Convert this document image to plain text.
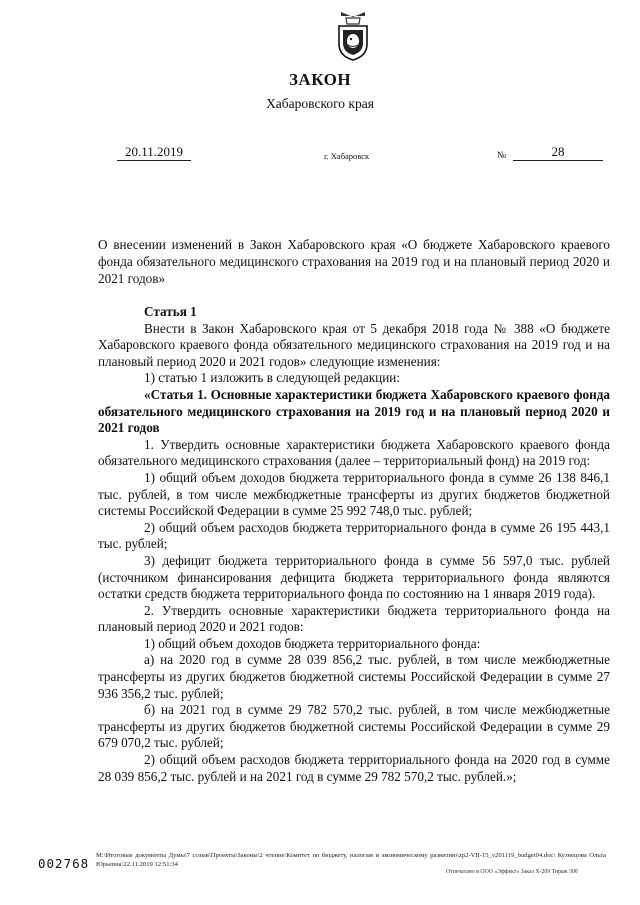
ЗАКОН
Хабаровского края
20.11.2019	г. Хабаровск	№	28
О внесении изменений в Закон Хабаровского края «О бюджете Хабаровского краевого фонда обязательного медицинского страхования на 2019 год и на плановый период 2020 и 2021 годов»

Статья 1

Внести в Закон Хабаровского края от 5 декабря 2018 года № 388 «О бюджете Хабаровского краевого фонда обязательного медицинского страхования на 2019 год и на плановый период 2020 и 2021 годов» следующие изменения:

1) статью 1 изложить в следующей редакции:

«Статья 1. Основные характеристики бюджета Хабаровского краевого фонда обязательного медицинского страхования на 2019 год и на плановый период 2020 и 2021 годов

1. Утвердить основные характеристики бюджета Хабаровского краевого фонда обязательного медицинского страхования (далее – территориальный фонд) на 2019 год:

1) общий объем доходов бюджета территориального фонда в сумме 26 138 846,1 тыс. рублей, в том числе межбюджетные трансферты из других бюджетов бюджетной системы Российской Федерации в сумме 25 992 748,0 тыс. рублей;

2) общий объем расходов бюджета территориального фонда в сумме 26 195 443,1 тыс. рублей;

3) дефицит бюджета территориального фонда в сумме 56 597,0 тыс. рублей (источником финансирования дефицита бюджета территориального фонда являются остатки средств бюджета территориального фонда по состоянию на 1 января 2019 года).

2. Утвердить основные характеристики бюджета территориального фонда на плановый период 2020 и 2021 годов:

1) общий объем доходов бюджета территориального фонда:

а) на 2020 год в сумме 28 039 856,2 тыс. рублей, в том числе межбюджетные трансферты из других бюджетов бюджетной системы Российской Федерации в сумме 27 936 356,2 тыс. рублей;

б) на 2021 год в сумме 29 782 570,2 тыс. рублей, в том числе межбюджетные трансферты из других бюджетов бюджетной системы Российской Федерации в сумме 29 679 070,2 тыс. рублей;

2) общий объем расходов бюджета территориального фонда на 2020 год в сумме 28 039 856,2 тыс. рублей и на 2021 год в сумме 29 782 570,2 тыс. рублей.»;

002768
М:\Итоговые документы Думы\7 созыв\Проекты\Законы\2 чтение\Комитет по бюджету, налогам и экономическому развитию\zp2-VII-15_v201119_budget04.doc\ Кузнецова Ольга Юрьевна\22.11.2019 12:51:34
Отпечатано в ООО «Эффект» Заказ Х-209 Тираж 300
